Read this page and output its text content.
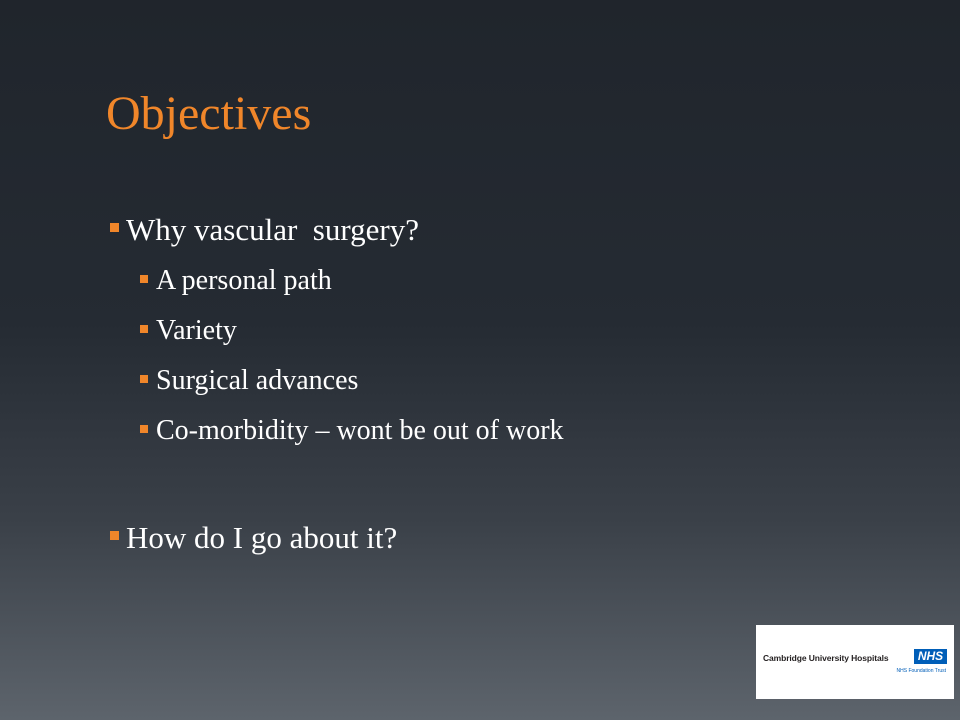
Objectives
Why vascular  surgery?
A personal path
Variety
Surgical advances
Co-morbidity – wont be out of work
How do I go about it?
Cambridge University Hospitals	NHS
NHS Foundation Trust
